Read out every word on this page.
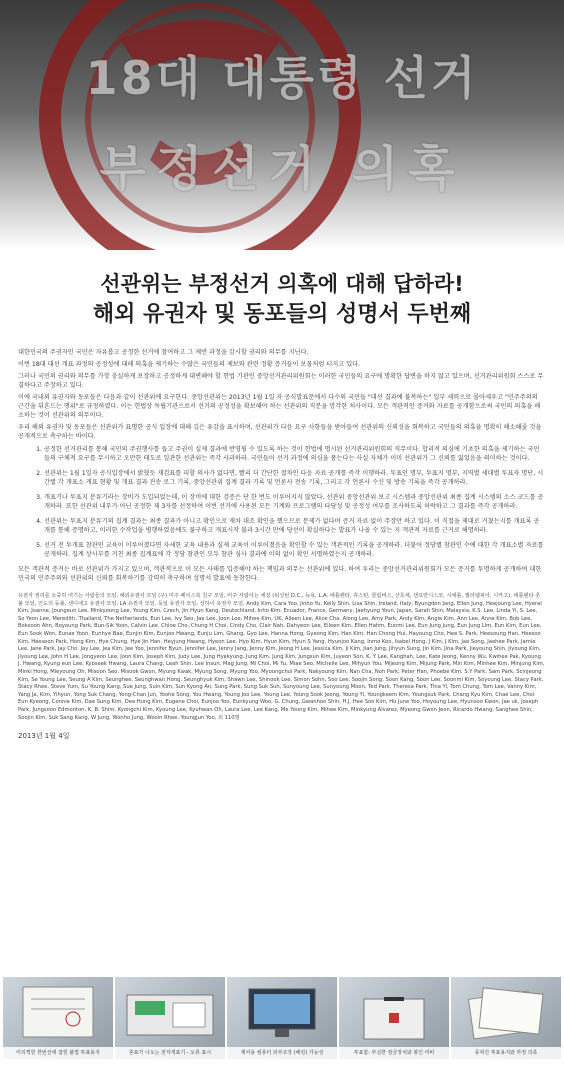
18대 대통령 선거
부정선거 의혹
선관위는 부정선거 의혹에 대해 답하라!
해외 유권자 및 동포들의 성명서 두번째

대한민국의 주권자인 국민은 자유롭고 공정한 선거에 참여하고 그 제반 과정을 감시할 권리와 의무를 지닌다.

이번 18대 대선 개표 과정의 공정성에 대해 의혹을 제기하는 수많은 국민들의 제보와 관련 정황 증거들이 보물처럼 터지고 있다.

그러나 국민의 권리와 의무를 가장 충실하게 보장하고 공정하게 대변해야 할 헌법 기관인 중앙선거관리위원회는 이러한 국민들의 요구에 명확한 답변을 하지 않고 있으며, 선거관리위원회 스스로 무결하다고 주장하고 있다.

이에 국내외 유권자와 동포들은 다음과 같이 선관위에 요구한다. 중앙선관위는 2013년 1월 1일 자 공식발표문에서 다수의 국민들 "대선 결과에 불복하는" 일부 세력으로 몰아세우고 "민주주의의 근간을 뒤흔드는 행위"로 규정하였다. 이는 헌법상 독립기관으로서 선거의 공정성을 확보해야 하는 선관위의 직분을 망각한 처사이다. 모든 객관적인 증거와 자료를 공개함으로써 국민의 의혹을 해소하는 것이 선관위의 의무이다.

우리 해외 유권자 및 동포들은 선관위가 표명한 공식 입장에 대해 깊은 유감을 표시하며, 선관위가 다음 요구 사항들을 받아들여 선관위의 신뢰성을 회복하고 국민들의 의혹을 명확히 해소해줄 것을 공개적으로 촉구하는 바이다.

1. 공정한 선거관리를 통해 국민의 주권행사를 돕고 주권이 실제 결과에 반영될 수 있도록 하는 것이 헌법에 명시된 선거관리위원회의 직무이다. 합리적 의심에 기초한 의혹을 제기하는 국민들의 구체적 요구를 무시하고 오만한 태도로 일관한 선관위는 즉각 사과하라. 국민들이 선거 과정에 의심을 품는다는 사실 자체가 이미 선관위가 그 신뢰를 잃었음을 의미하는 것이다.
2. 선관위는 1월 1일자 공식입장에서 밝혔듯 재검표를 피할 의사가 없다면, 빨리 더 간단한 절차인 다음 자료 공개를 즉각 이행하라. 투표인 명부, 투표지 명부, 지역별 세대별 투표자 명단, 시간별 각 개표소 개표 현황 및 개표 결과 전송 로그 기록, 중앙선관위 집계 결과 기록 및 언론사 전송 기록, 그리고 각 언론사 수신 및 방송 기록을 즉각 공개하라.
3. 개표기나 투표지 분류기라는 장비가 도입되었는데, 이 장비에 대한 검증은 단 한 번도 이루어지지 않았다. 선관위 중앙선관위 보고 시스템과 중앙선관위 최종 집계 시스템의 소스 코드를 공개하라. 또한 선관위 내부가 아닌 공정한 제 3자를 선정하여 이번 선거에 사용된 모든 기계와 프로그램의 타당성 및 공정성 여부를 조사하도록 허락하고 그 결과를 즉각 공개하라.
4. 선관위는 투표지 분류기의 집계 결과는 최종 결과가 아니고 확인으로 재차 대조 확인을 했으므로 문제가 없다며 증거 자료 없이 주장만 하고 있다. 이 직접을 제대로 거쳤는지를 개표록 공개를 통해 증명하고, 이러한 수작업을 병행하였음에도 불구하고 개표시작 불과 3시간 만에 당선이 확실하다는 발표가 나올 수 있는 지 객관적 자료를 근거로 해명하라.
5. 선거 전 투개표 참관인 교육이 이루어졌다면 자세한 교육 내용과 실제 교육이 이루어졌음을 확인할 수 있는 객관적인 기록을 공개하라. 더불어 정당별 참관인 수에 대한 각 개표소별 자료를 공개하라. 집계 상사부를 거친 최종 집계표에 각 정당 참관인 모두 참관 심사 결과에 이의 없이 확인 서명하였는지 공개하라.

모든 객관적 증거는 바로 선관위가 가지고 있으며, 객관적으로 이 모든 사태를 입증해야 하는 책임과 의무는 선관위에 있다. 하여 우리는 중앙선거관리위원회가 모든 증거를 투명하게 공개하여 대한민국의 민주주의와 선관위의 신뢰를 회복하기를 강력히 촉구하며 성명서 발표에 동참한다.

유권자 권리를 소중히 여기는 사람들의 모임, 해외유권자 모임 (구) 미주 페이스북 친구 모임, 미주 사람사는 세상 (워싱턴 D.C., 뉴욕, L.A. 애틀랜타, 휴스턴, 콜럼버스, 산호세, 샌프란시스코, 시애틀, 필라델피아, 시카고), 애틀랜타 촛불 모임, 인도의 등불, 샌디에고 유권자 모임, LA 유권자 모임, 독일 유권자 모임, 성하이 유권자 모임, Andy Kim, Cara Yoo, Jinho Yu, Kelly Shin, Lisa Shin, Ireland, Italy, Byungdon Jang, Ellen Jung, Heejoung Lee, Hyeral Kim, Joanne, Joungeun Lee, Minkyoung Lee, Young Kim, Czech, Jin Hyun Kang, Deutschland, Inho Kim, Ecuador, France, Germany, Jaehyung Youn, Japan, Sarah Shin, Malaysia, K.S. Lee, Linda Yi, S. Lee, So Yeon Lee, Meredith, Thailand, The Netherlands, Eun Lee, Ivy Seo, Jae Lee, Joon Lee, Mihee Kim, UK, Aileen Lee, Alice Cha, Along Lee, Amy Park, Andy Kim, Angie Kim, Ann Lee, Anne Kim, Bob Lee, Boksoon Ahn, Boyoung Park, Bun-Sik Yoon, Calvin Lee, Chloe Cho, Chung H Choi, Cindy Cho, Clair Nah, Dahyeon Lee, Eileen Kim, Ellen Hahm, Eunmi Lee, Eun Jung Jung, Eun Jung Lim, Eun Kim, Eun Lee, Eun Sook Won, Eunae Yoon, Eunhye Bae, Eunjin Kim, Eunjoo Hwang, Eunju Lim, Ghang, Gyo Lee, Hanna Hong, Gyeong Kim, Han Kim, Han Chong Hui, Hayoung Cho, Hee S. Park, Heesoung Han, Heesoo Kim, Heeseon Park, Hong Kim, Hye Chung, Hye Jin Han, Heyjung Hwang, Hyeon Lee, Hyo Kim, Hyun Kim, Hyun S Yang, Hyunjoo Kang, Inmo Koo, Isabel Hong, J Kim, J Kim, Jae Song, Jaehee Park, Jamie Lee, Jane Park, Jay Cho, Jay Lee, Jea Kim, Jee Yoo, Jennifer Byun, Jennifer Lee, Jenny Jang, Jenny Kim, Jeong H Lee, Jessica Kim, Ji Kim, Jian Jung, Jihyun Sung, Jin Kim, Jina Park, Jieyoung Shin, Jiyoung Kim, Jiyoung Lee, John H Lee, Jongyeon Lee, Joon Kim, Joseph Kim, Judy Lee, Jung Hyekyung, Jung Kim, Jung Kim, Jungsun Kim, Juyeon Son, K. Y Lee, Kanghah, Lee, Kate Jeong, Kenny Wu, Kwihee Pak, Kyoung J. Hwang, Kyung eun Lee, Kyoseek Hwang, Laura Chang, Leah Shin, Lee Insun, Mag Jung, Mi Choi, Mi Yu, Miae Seo, Michelle Lee, Mihyun You, Mijeong Kim, Mijung Park, Min Kim, Minhee Kim, Minjung Kim, Minki Hong, Mieyoung Oh, Misoon Seo, Misook Gwon, Myung Kwak, Myung Song, Myung Yoo, Myoungchul Park, Nakyoung Kim, Nan Cha, Noh Park, Peter Han, Phoebe Kim, S.Y Park, Sam Park, Scinjeong Kim, Se Young Lee, Seung A Kim, Seunghee, Seunghwan Hong, Seunghyuk Kim, Shawn Lee, Shinook Lee, Simon Sohn, Soo Lee, Soojin Song, Soon Kang, Soon Lee, Soonmi Kim, Soyoung Lee, Stacy Park, Stacy Rhee, Steve Yum, Su Young Kang, Sue Jung, Suin Kim, Sun Kyong An, Sung Park, Sung Suk Suh, Sunyoung Lee, Sunyoung Moon, Ted Park, Theresa Park, Tina Yi, Tom Chung, Tom Lee, Vanny Kim, Yang Ja, Kim, Yihyun, Yong Suk Chang, Yong-Chan Jun, Yoohe Song, You Hwang, Young Joo Lee, Young Lee, Young Sook Jeong, Young Yi, Youngkeem Kim, Youngsuk Park, Chang Kyu Kim, Chae Lee, Choi Eun Kyeong, Connie Kim, Dae Sung Kim, Dea Hung Kim, Eugene Choi, Eunjoo Yoo, Eunkyung Woo, G. Chung, Gwanhoo Shin, H.J. Hee Soo Kim, Ho June Yoo, Hoyoung Lee, Hyunsoo Kwon, Jae uk, Joseph Park, Jungsoon Edmonton, K. B. Shim, Kyongchi Kim, Kyoung Lee, Kyuhwan Oh, Laura Lee, Lee Kang, Me Young Kim, Mihee Kim, Minkyung Alvarez, Myeong Gwon Jeon, Ricardo Hwang, Sanghee Shin, Soojin Kim, Suk Sang Kang, W Jung, Wonho Jung, Wooin Rhee, Youngjun Yoo, 외 110명

2013년 1월 4일

미리찍힌 한번선에 접힌 불법 투표용지	혼표가 나오는 전자개표기 - 오류 표시	제어용 컴퓨터 외부조작 (해킹) 가능성	투표함: 부실한 잠금장치와 봉인 미비	뭉쳐진 투표용지와 부정 의혹
